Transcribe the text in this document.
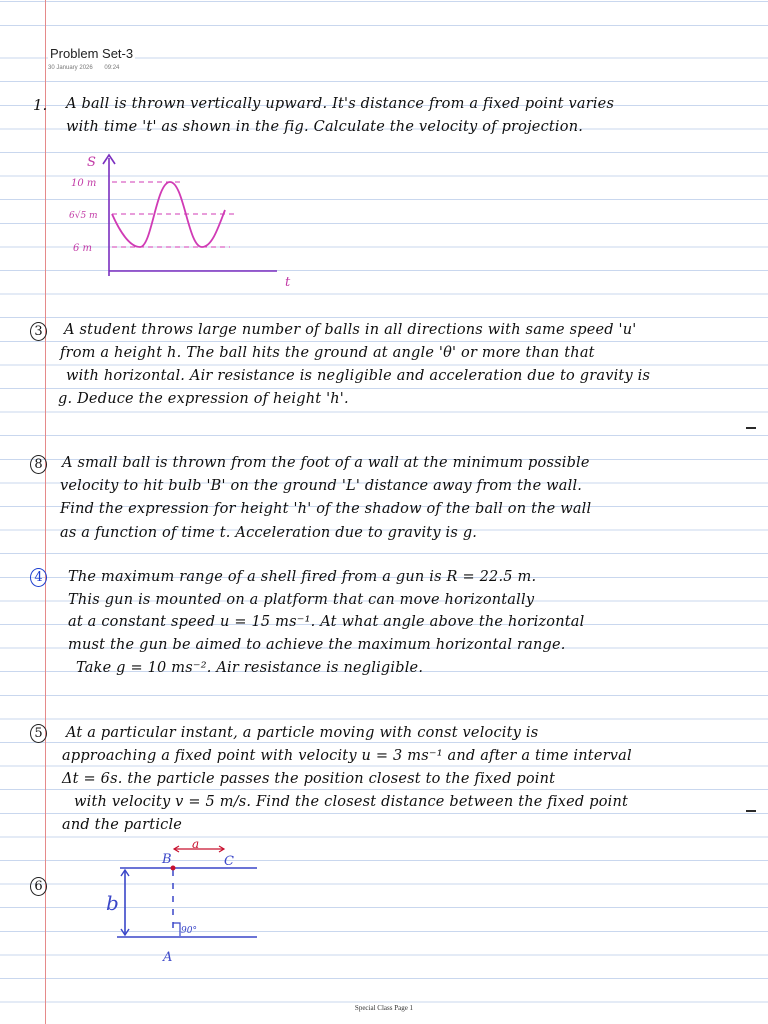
Problem Set-3
30 January 2026 09:24
1. A ball is thrown vertically upward. It's distance from a fixed point varies
with time 't' as shown in the fig. Calculate the velocity of projection.
S
t
10 m
6√5 m
6 m
3	A student throws large number of balls in all directions with same speed 'u'
from a height h. The ball hits the ground at angle 'θ' or more than that
with horizontal. Air resistance is negligible and acceleration due to gravity is
g. Deduce the expression of height 'h'.
8	A small ball is thrown from the foot of a wall at the minimum possible
velocity to hit bulb 'B' on the ground 'L' distance away from the wall.
Find the expression for height 'h' of the shadow of the ball on the wall
as a function of time t. Acceleration due to gravity is g.
4	The maximum range of a shell fired from a gun is R = 22.5 m.
This gun is mounted on a platform that can move horizontally
at a constant speed u = 15 ms⁻¹. At what angle above the horizontal
must the gun be aimed to achieve the maximum horizontal range.
Take g = 10 ms⁻². Air resistance is negligible.
5	At a particular instant, a particle moving with const velocity is
approaching a fixed point with velocity u = 3 ms⁻¹ and after a time interval
Δt = 6s. the particle passes the position closest to the fixed point
with velocity v = 5 m/s. Find the closest distance between the fixed point
and the particle
6
B
a
C
b
90°
A
Special Class Page 1
